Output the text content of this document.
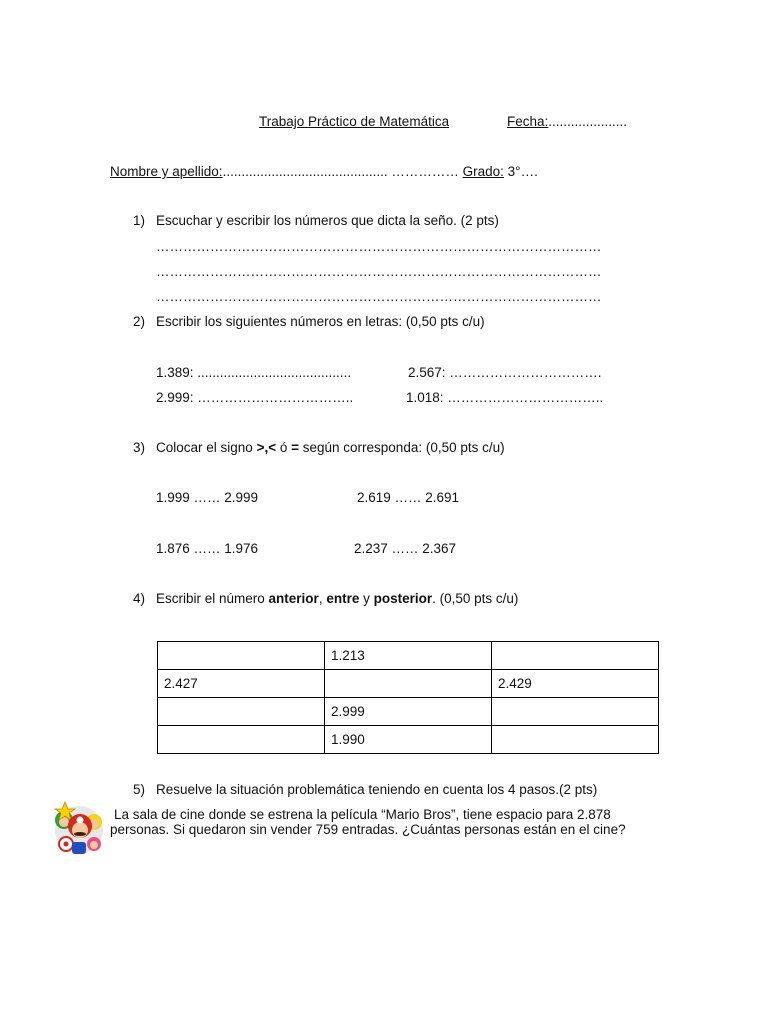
Trabajo Práctico de Matemática	Fecha:.....................
Nombre y apellido:............................................ …………… Grado: 3°….
1) Escuchar y escribir los números que dicta la seño. (2 pts)
………………………………………………………………………………………
………………………………………………………………………………………
………………………………………………………………………………………
2) Escribir los siguientes números en letras: (0,50 pts c/u)
1.389: .........................................	2.567: …………………………….
2.999: ……………………………..	1.018: ……………………………..
3) Colocar el signo >,< ó = según corresponda: (0,50 pts c/u)
1.999 …… 2.999	2.619 …… 2.691
1.876 …… 1.976	2.237 …… 2.367
4) Escribir el número anterior, entre y posterior. (0,50 pts c/u)
	1.213	
2.427		2.429
	2.999	
	1.990	
5) Resuelve la situación problemática teniendo en cuenta los 4 pasos.(2 pts)
La sala de cine donde se estrena la película “Mario Bros”, tiene espacio para 2.878
personas. Si quedaron sin vender 759 entradas. ¿Cuántas personas están en el cine?
